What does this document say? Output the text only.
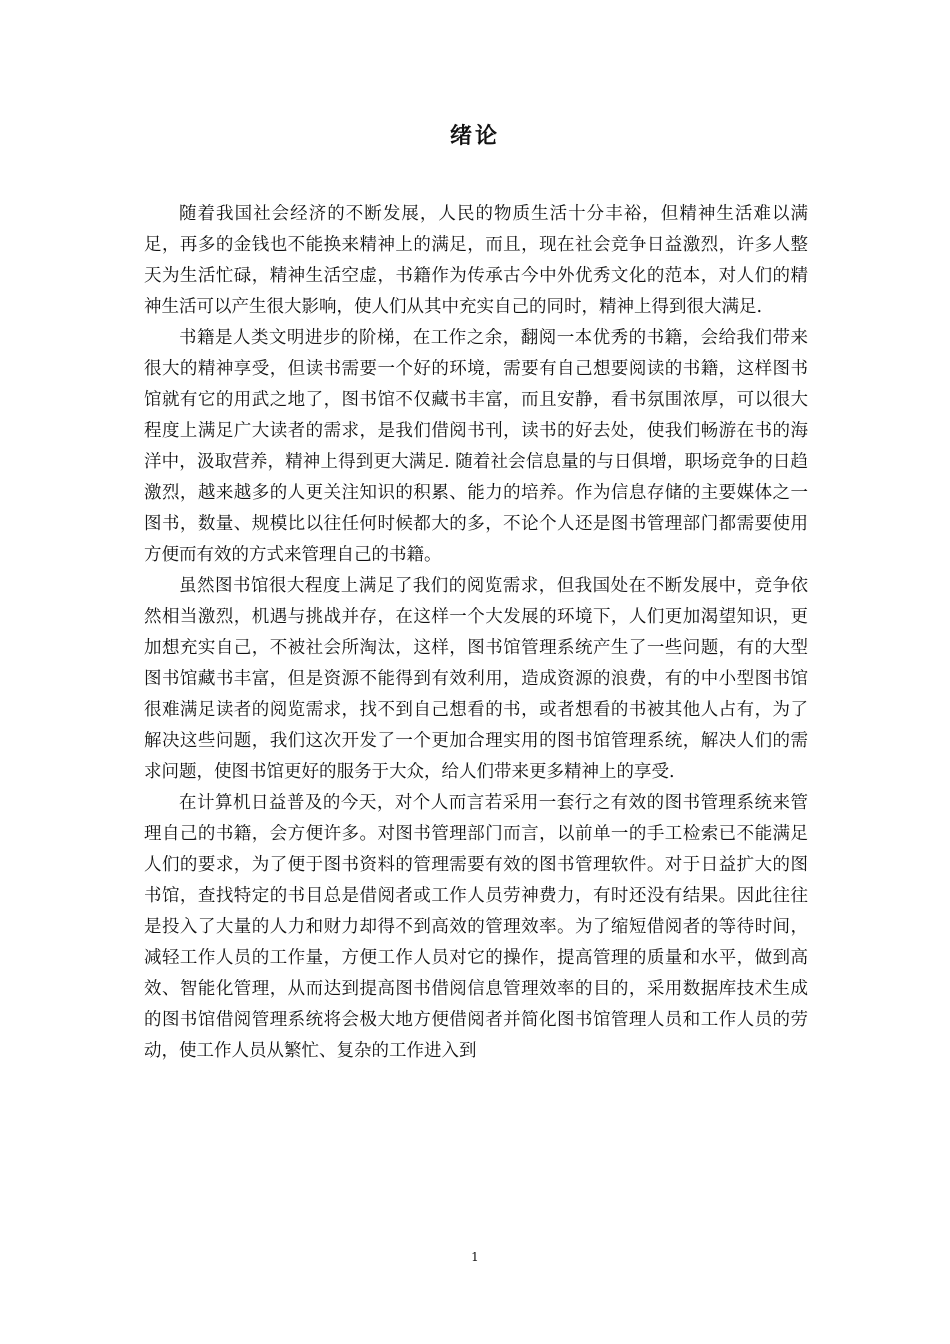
绪论

随着我国社会经济的不断发展，人民的物质生活十分丰裕，但精神生活难以满足，再多的金钱也不能换来精神上的满足，而且，现在社会竞争日益激烈，许多人整天为生活忙碌，精神生活空虚，书籍作为传承古今中外优秀文化的范本，对人们的精神生活可以产生很大影响，使人们从其中充实自己的同时，精神上得到很大满足.

书籍是人类文明进步的阶梯，在工作之余，翻阅一本优秀的书籍，会给我们带来很大的精神享受，但读书需要一个好的环境，需要有自己想要阅读的书籍，这样图书馆就有它的用武之地了，图书馆不仅藏书丰富，而且安静，看书氛围浓厚，可以很大程度上满足广大读者的需求，是我们借阅书刊，读书的好去处，使我们畅游在书的海洋中，汲取营养，精神上得到更大满足. 随着社会信息量的与日俱增，职场竞争的日趋激烈，越来越多的人更关注知识的积累、能力的培养。作为信息存储的主要媒体之一图书，数量、规模比以往任何时候都大的多，不论个人还是图书管理部门都需要使用方便而有效的方式来管理自己的书籍。

虽然图书馆很大程度上满足了我们的阅览需求，但我国处在不断发展中，竞争依然相当激烈，机遇与挑战并存，在这样一个大发展的环境下，人们更加渴望知识，更加想充实自己，不被社会所淘汰，这样，图书馆管理系统产生了一些问题，有的大型图书馆藏书丰富，但是资源不能得到有效利用，造成资源的浪费，有的中小型图书馆很难满足读者的阅览需求，找不到自己想看的书，或者想看的书被其他人占有，为了解决这些问题，我们这次开发了一个更加合理实用的图书馆管理系统，解决人们的需求问题，使图书馆更好的服务于大众，给人们带来更多精神上的享受.

在计算机日益普及的今天，对个人而言若采用一套行之有效的图书管理系统来管理自己的书籍，会方便许多。对图书管理部门而言，以前单一的手工检索已不能满足人们的要求，为了便于图书资料的管理需要有效的图书管理软件。对于日益扩大的图书馆，查找特定的书目总是借阅者或工作人员劳神费力，有时还没有结果。因此往往是投入了大量的人力和财力却得不到高效的管理效率。为了缩短借阅者的等待时间，减轻工作人员的工作量，方便工作人员对它的操作，提高管理的质量和水平，做到高效、智能化管理，从而达到提高图书借阅信息管理效率的目的，采用数据库技术生成的图书馆借阅管理系统将会极大地方便借阅者并简化图书馆管理人员和工作人员的劳动，使工作人员从繁忙、复杂的工作进入到

1
